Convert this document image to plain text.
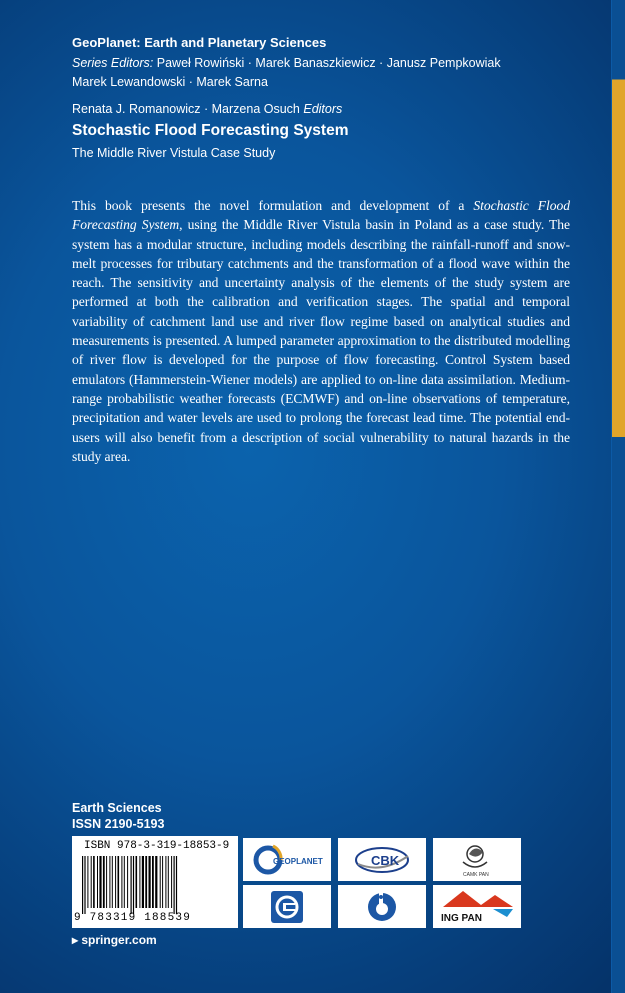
GeoPlanet: Earth and Planetary Sciences
Series Editors: Paweł Rowiński · Marek Banaszkiewicz · Janusz Pempkowiak
Marek Lewandowski · Marek Sarna
Renata J. Romanowicz · Marzena Osuch Editors
Stochastic Flood Forecasting System
The Middle River Vistula Case Study
This book presents the novel formulation and development of a Stochastic Flood Forecasting System, using the Middle River Vistula basin in Poland as a case study. The system has a modular structure, including models describing the rainfall-runoff and snow-melt processes for tributary catchments and the transformation of a flood wave within the reach. The sensitivity and uncertainty analysis of the elements of the study system are performed at both the calibration and verification stages. The spatial and temporal variability of catchment land use and river flow regime based on analytical studies and measurements is presented. A lumped parameter approximation to the distributed modelling of river flow is developed for the purpose of flow forecasting. Control System based emulators (Hammerstein-Wiener models) are applied to on-line data assimilation. Medium-range probabilistic weather forecasts (ECMWF) and on-line observations of temperature, precipitation and water levels are used to prolong the forecast lead time. The potential end-users will also benefit from a description of social vulnerability to natural hazards in the study area.
Earth Sciences
ISSN 2190-5193
ISBN 978-3-319-18853-9
9 783319 188539
GEOPLANET	CBK
CAMK PAN
ING PAN
▸ springer.com
